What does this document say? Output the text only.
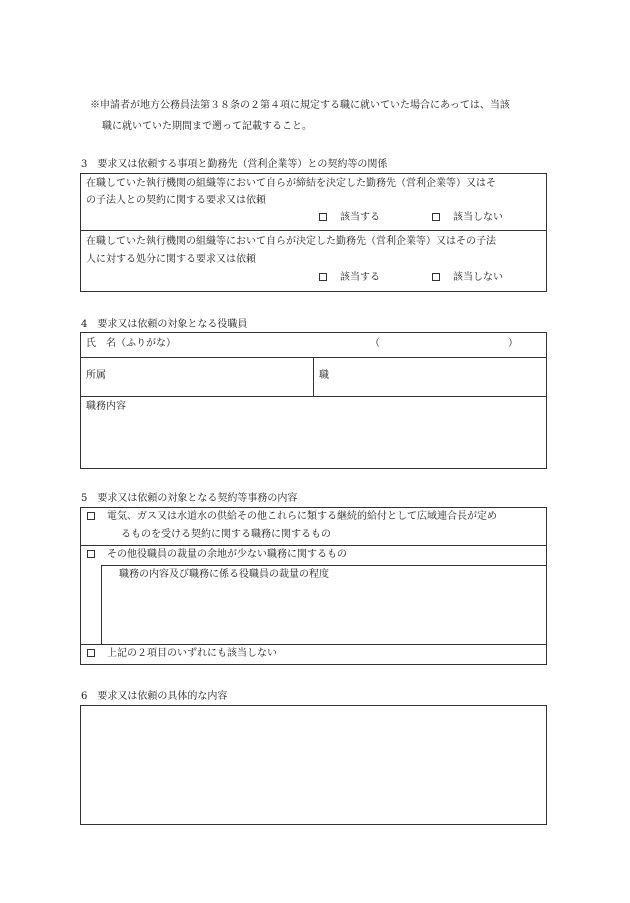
※申請者が地方公務員法第３８条の２第４項に規定する職に就いていた場合にあっては、当該
職に就いていた期間まで遡って記載すること。
3　要求又は依頼する事項と勤務先（営利企業等）との契約等の関係
在職していた執行機関の組織等において自らが締結を決定した勤務先（営利企業等）又はそ
の子法人との契約に関する要求又は依頼
該当する	該当しない
在職していた執行機関の組織等において自らが決定した勤務先（営利企業等）又はその子法
人に対する処分に関する要求又は依頼
該当する	該当しない
4　要求又は依頼の対象となる役職員
氏　名（ふりがな）	（	）
所属	職
職務内容
5　要求又は依頼の対象となる契約等事務の内容
電気、ガス又は水道水の供給その他これらに類する継続的給付として広域連合長が定め
るものを受ける契約に関する職務に関するもの
その他役職員の裁量の余地が少ない職務に関するもの
職務の内容及び職務に係る役職員の裁量の程度
上記の２項目のいずれにも該当しない
6　要求又は依頼の具体的な内容
